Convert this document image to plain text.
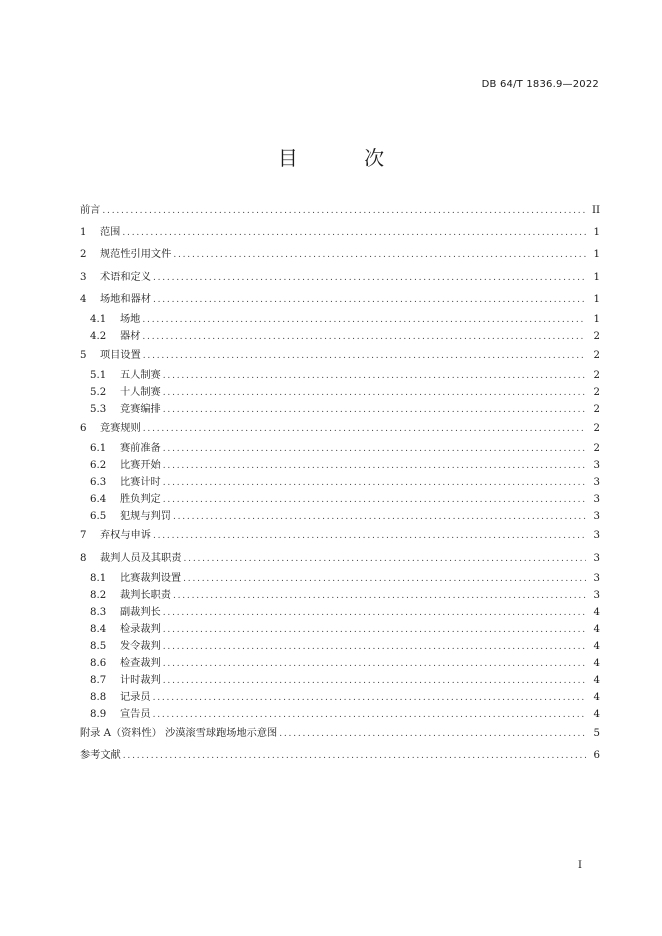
DB 64/T 1836.9—2022
目 次
前言 .....	II
1	范围 .....	1
2	规范性引用文件 .....	1
3	术语和定义 .....	1
4	场地和器材 .....	1
4.1	场地 .....	1
4.2	器材 .....	2
5	项目设置 .....	2
5.1	五人制赛 .....	2
5.2	十人制赛 .....	2
5.3	竞赛编排 .....	2
6	竞赛规则 .....	2
6.1	赛前准备 .....	2
6.2	比赛开始 .....	3
6.3	比赛计时 .....	3
6.4	胜负判定 .....	3
6.5	犯规与判罚 .....	3
7	弃权与申诉 .....	3
8	裁判人员及其职责 .....	3
8.1	比赛裁判设置 .....	3
8.2	裁判长职责 .....	3
8.3	副裁判长 .....	4
8.4	检录裁判 .....	4
8.5	发令裁判 .....	4
8.6	检查裁判 .....	4
8.7	计时裁判 .....	4
8.8	记录员 .....	4
8.9	宣告员 .....	4
附录 A（资料性） 沙漠滚雪球跑场地示意图 .....	5
参考文献 .....	6
I
